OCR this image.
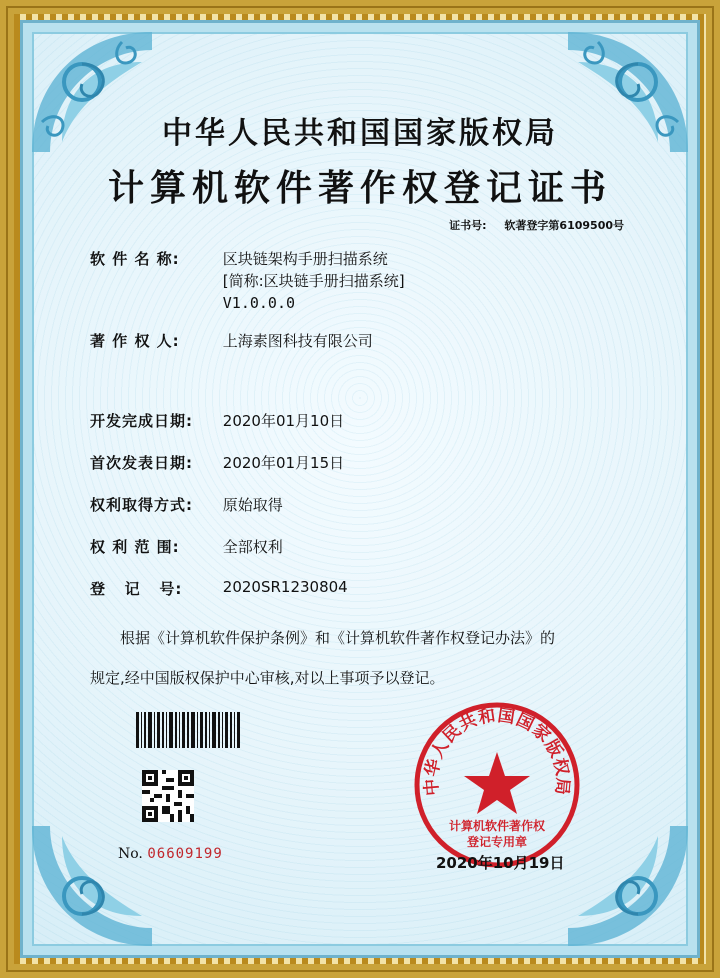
中华人民共和国国家版权局
计算机软件著作权登记证书
证书号: 软著登字第6109500号
软 件 名 称:	区块链架构手册扫描系统
[简称:区块链手册扫描系统]
V1.0.0.0
著 作 权 人:	上海素图科技有限公司
开发完成日期: 2020年01月10日
首次发表日期: 2020年01月15日
权利取得方式: 原始取得
权 利 范 围:	全部权利
登   记   号:	2020SR1230804
根据《计算机软件保护条例》和《计算机软件著作权登记办法》的
规定,经中国版权保护中心审核,对以上事项予以登记。
No. 06609199
中华人民共和国国家版权局
计算机软件著作权
登记专用章
2020年10月19日
